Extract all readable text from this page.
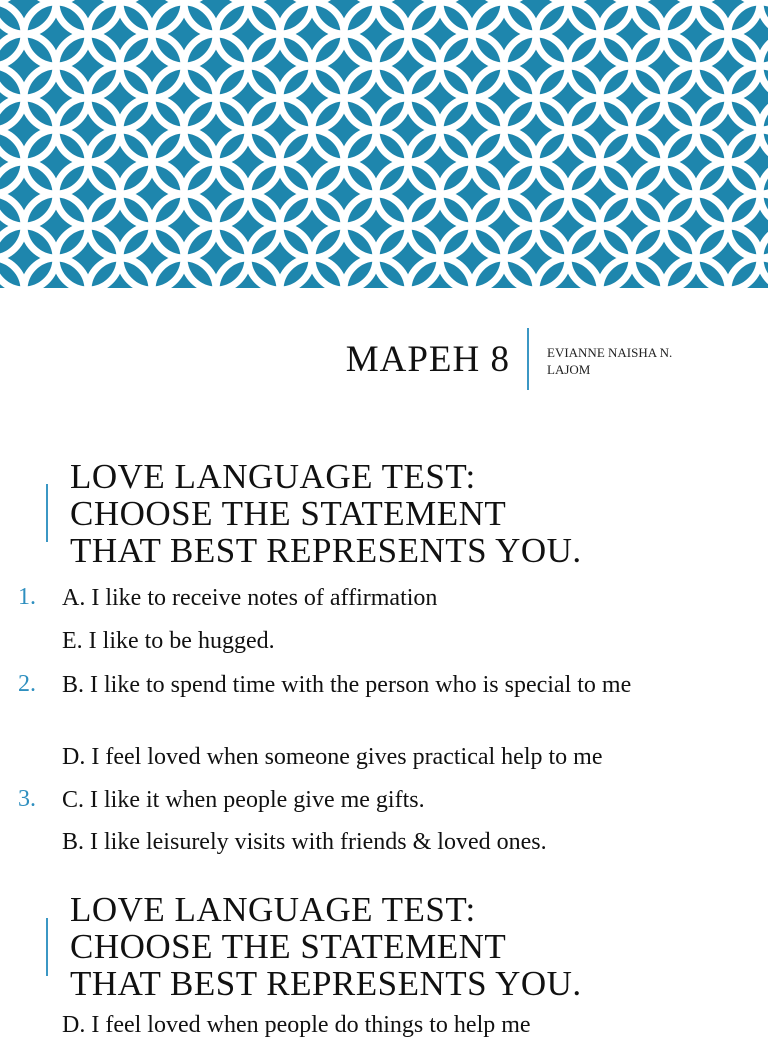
MAPEH 8	EVIANNE NAISHA N.
LAJOM
LOVE LANGUAGE TEST:
CHOOSE THE STATEMENT
THAT BEST REPRESENTS YOU.
1. A. I like to receive notes of affirmation
E. I like to be hugged.
2. B. I like to spend time with the person who is special to me
D. I feel loved when someone gives practical help to me
3. C. I like it when people give me gifts.
B. I like leisurely visits with friends & loved ones.
LOVE LANGUAGE TEST:
CHOOSE THE STATEMENT
THAT BEST REPRESENTS YOU.
D. I feel loved when people do things to help me
